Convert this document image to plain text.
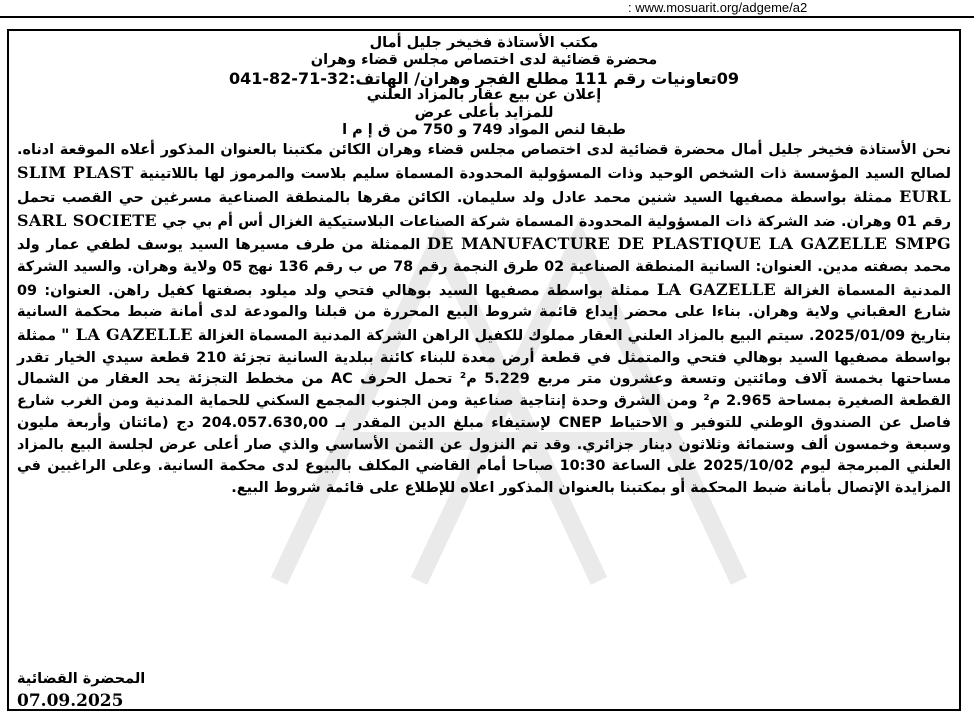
: www.mosuarit.org/adgeme/a2
مكتب الأستاذة فخيخر جليل أمال
محضرة قضائية لدى اختصاص مجلس قضاء وهران
09تعاونيات رقم 111 مطلع الفجر وهران/ الهاتف:32-71-82-041
إعلان عن بيع عقار بالمزاد العلني
للمزايد بأعلى عرض
طبقا لنص المواد 749 و 750 من ق إ م ا
نحن الأستاذة فخيخر جليل أمال محضرة قضائية لدى اختصاص مجلس قضاء وهران الكائن مكتبنا بالعنوان المذكور أعلاه الموقعة ادناه. لصالح السيد المؤسسة ذات الشخص الوحيد وذات المسؤولية المحدودة المسماة سليم بلاست والمرموز لها باللاتينية SLIM PLAST EURL ممثلة بواسطة مصفيها السيد شنين محمد عادل ولد سليمان. الكائن مقرها بالمنطقة الصناعية مسرغين حي القصب تحمل رقم 01 وهران. ضد الشركة ذات المسؤولية المحدودة المسماة شركة الصناعات البلاستيكية الغزال أس أم بي جي SARL SOCIETE DE MANUFACTURE DE PLASTIQUE LA GAZELLE SMPG الممثلة من طرف مسيرها السيد يوسف لطفي عمار ولد محمد بصفته مدين. العنوان: السانية المنطقة الصناعية 02 طرق النجمة رقم 78 ص ب رقم 136 نهج 05 ولاية وهران. والسيد الشركة المدنية المسماة الغزالة LA GAZELLE ممثلة بواسطة مصفيها السيد بوهالي فتحي ولد ميلود بصفتها كفيل راهن. العنوان: 09 شارع العقباني ولاية وهران. بناءا على محضر إيداع قائمة شروط البيع المحررة من قبلنا والمودعة لدى أمانة ضبط محكمة السانية بتاريخ 2025/01/09. سيتم البيع بالمزاد العلني العقار مملوك للكفيل الراهن الشركة المدنية المسماة الغزالة LA GAZELLE " ممثلة بواسطة مصفيها السيد بوهالي فتحي والمتمثل في قطعة أرض معدة للبناء كائنة ببلدية السانية تجزئة 210 قطعة سيدي الخيار تقدر مساحتها بخمسة آلاف ومائتين وتسعة وعشرون متر مربع 5.229 م² تحمل الحرف AC من مخطط التجزئة يحد العقار من الشمال القطعة الصغيرة بمساحة 2.965 م² ومن الشرق وحدة إنتاجية صناعية ومن الجنوب المجمع السكني للحماية المدنية ومن الغرب شارع فاصل عن الصندوق الوطني للتوفير و الاحتياط CNEP لإستيفاء مبلغ الدين المقدر بـ 204.057.630,00 دج (مائتان وأربعة مليون وسبعة وخمسون ألف وستمائة وثلاثون دينار جزائري. وقد تم النزول عن الثمن الأساسي والذي صار أعلى عرض لجلسة البيع بالمزاد العلني المبرمجة ليوم 2025/10/02 على الساعة 10:30 صباحا أمام القاضي المكلف بالبيوع لدى محكمة السانية. وعلى الراغبين في المزايدة الإتصال بأمانة ضبط المحكمة أو بمكتبنا بالعنوان المذكور اعلاه للإطلاع على قائمة شروط البيع.
المحضرة القضائية
07.09.2025
